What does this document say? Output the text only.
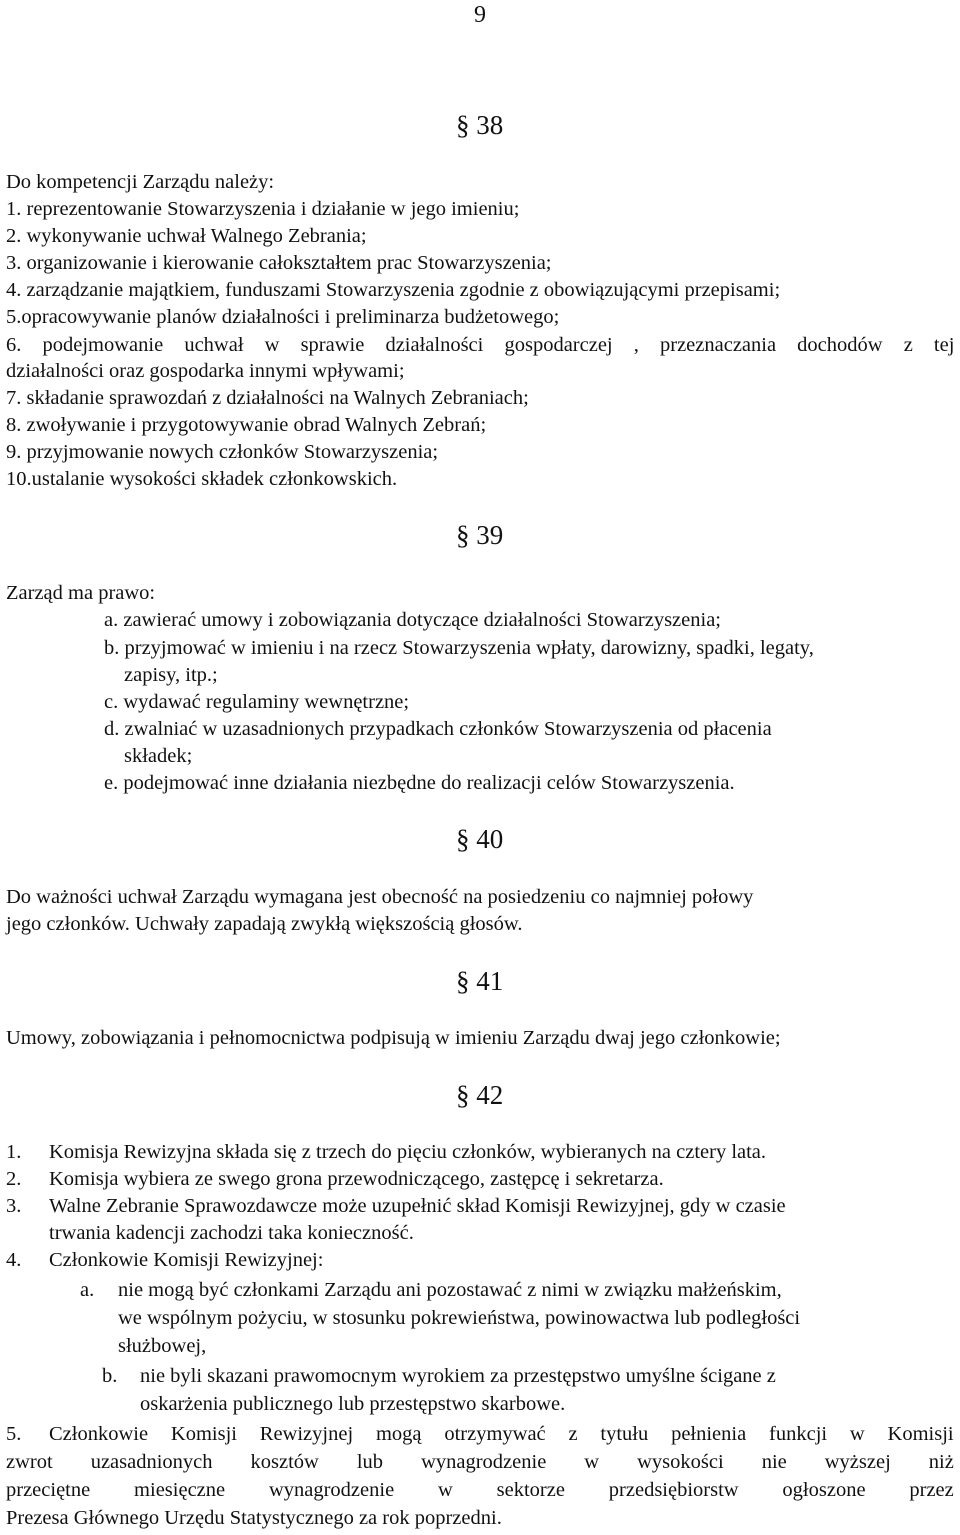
9
§ 38
Do kompetencji Zarządu należy:
1. reprezentowanie Stowarzyszenia i działanie w jego imieniu;
2. wykonywanie uchwał Walnego Zebrania;
3. organizowanie i kierowanie całokształtem prac Stowarzyszenia;
4. zarządzanie majątkiem, funduszami Stowarzyszenia zgodnie z obowiązującymi przepisami;
5.opracowywanie planów działalności i preliminarza budżetowego;
6. podejmowanie uchwał w sprawie działalności gospodarczej , przeznaczania dochodów z tej
działalności oraz gospodarka innymi wpływami;
7. składanie sprawozdań z działalności na Walnych Zebraniach;
8. zwoływanie i przygotowywanie obrad Walnych Zebrań;
9. przyjmowanie nowych członków Stowarzyszenia;
10.ustalanie wysokości składek członkowskich.
§ 39
Zarząd ma prawo:
a. zawierać umowy i zobowiązania dotyczące działalności Stowarzyszenia;
b. przyjmować w imieniu i na rzecz Stowarzyszenia wpłaty, darowizny, spadki, legaty,
zapisy, itp.;
c. wydawać regulaminy wewnętrzne;
d. zwalniać w uzasadnionych przypadkach członków Stowarzyszenia od płacenia
składek;
e. podejmować inne działania niezbędne do realizacji celów Stowarzyszenia.
§ 40
Do ważności uchwał Zarządu wymagana jest obecność na posiedzeniu co najmniej połowy
jego członków. Uchwały zapadają zwykłą większością głosów.
§ 41
Umowy, zobowiązania i pełnomocnictwa podpisują w imieniu Zarządu dwaj jego członkowie;
§ 42
1. Komisja Rewizyjna składa się z trzech do pięciu członków, wybieranych na cztery lata.
2. Komisja wybiera ze swego grona przewodniczącego, zastępcę i sekretarza.
3. Walne Zebranie Sprawozdawcze może uzupełnić skład Komisji Rewizyjnej, gdy w czasie
trwania kadencji zachodzi taka konieczność.
4. Członkowie Komisji Rewizyjnej:
a. nie mogą być członkami Zarządu ani pozostawać z nimi w związku małżeńskim,
we wspólnym pożyciu, w stosunku pokrewieństwa, powinowactwa lub podległości
służbowej,
b. nie byli skazani prawomocnym wyrokiem za przestępstwo umyślne ścigane z
oskarżenia publicznego lub przestępstwo skarbowe.
5. Członkowie Komisji Rewizyjnej mogą otrzymywać z tytułu pełnienia funkcji w Komisji
zwrot uzasadnionych kosztów lub wynagrodzenie w wysokości nie wyższej niż
przeciętne miesięczne wynagrodzenie w sektorze przedsiębiorstw ogłoszone przez
Prezesa Głównego Urzędu Statystycznego za rok poprzedni.
